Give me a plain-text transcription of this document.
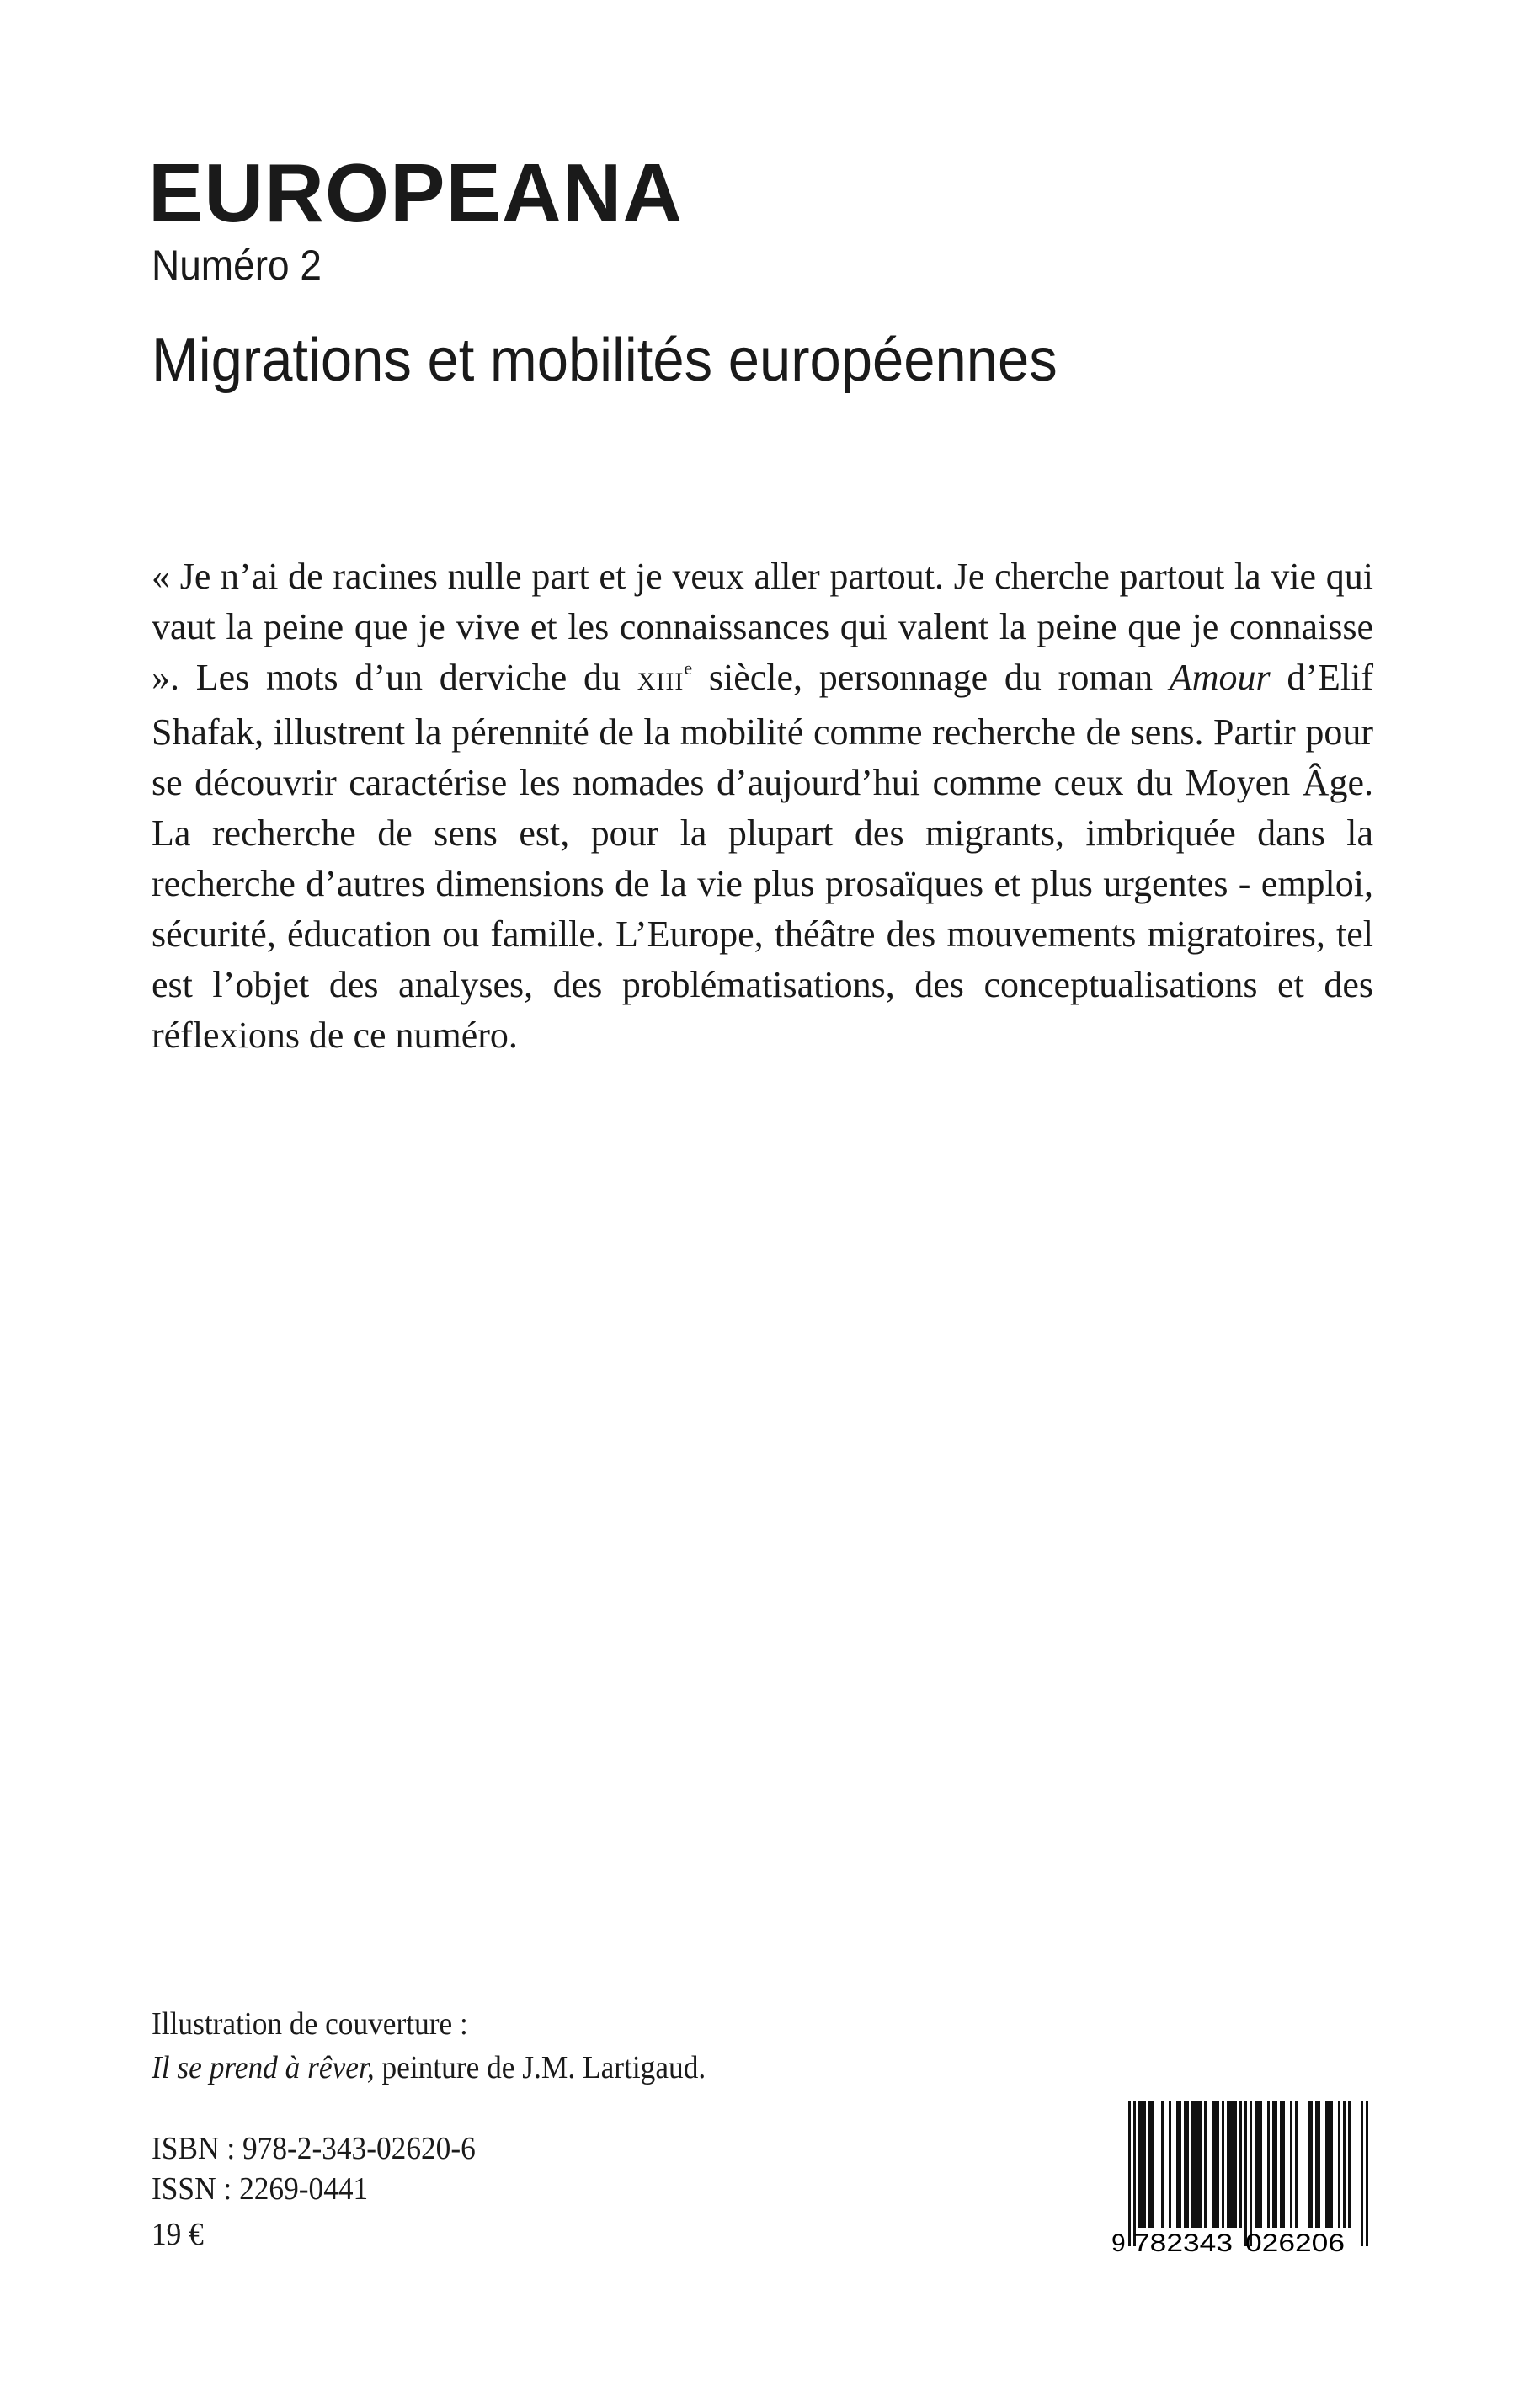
EUROPEANA
Numéro 2
Migrations et mobilités européennes

« Je n’ai de racines nulle part et je veux aller partout. Je cherche partout la vie qui vaut la peine que je vive et les connaissances qui valent la peine que je connaisse ». Les mots d’un derviche du XIIIe siècle, personnage du roman Amour d’Elif Shafak, illustrent la pérennité de la mobilité comme recherche de sens. Partir pour se découvrir caractérise les nomades d’aujourd’hui comme ceux du Moyen Âge. La recherche de sens est, pour la plupart des migrants, imbriquée dans la recherche d’autres dimensions de la vie plus prosaïques et plus urgentes - emploi, sécurité, éducation ou famille. L’Europe, théâtre des mouvements migratoires, tel est l’objet des analyses, des problématisations, des conceptualisations et des réflexions de ce numéro.

Illustration de couverture :
Il se prend à rêver, peinture de J.M. Lartigaud.
ISBN : 978-2-343-02620-6
ISSN : 2269-0441
19 €	9 782343 026206
